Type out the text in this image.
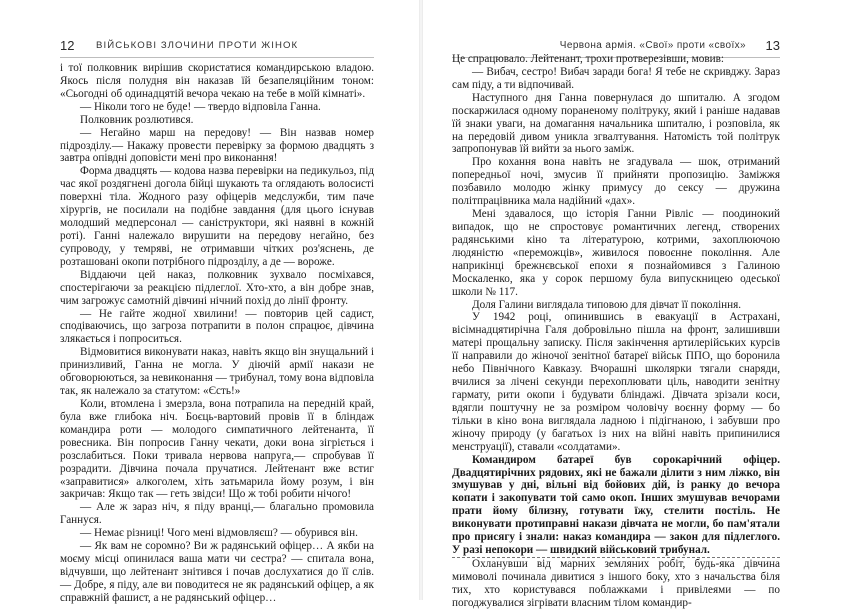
12 ВІЙСЬКОВІ ЗЛОЧИНИ ПРОТИ ЖІНОК

і тої полковник вирішив скористатися командирською владою. Якось після полудня він наказав їй безапеляційним тоном: «Сьогодні об одинадцятій вечора чекаю на тебе в моїй кімнаті».

— Ніколи того не буде! — твердо відповіла Ганна.

Полковник розлютився.

— Негайно марш на передову! — Він назвав номер підрозділу.— Накажу провести перевірку за формою двадцять з завтра опівдні доповісти мені про виконання!

Форма двадцять — кодова назва перевірки на педикульоз, під час якої роздягнені догола бійці шукають та оглядають волосисті поверхні тіла. Жодного разу офіцерів медслужби, тим паче хірургів, не посилали на подібне завдання (для цього існував молодший медперсонал — саніструктори, які наявні в кожній роті). Ганні належало вирушити на передову негайно, без супроводу, у темряві, не отримавши чітких роз'яснень, де розташовані окопи потрібного підрозділу, а де — вороже.

Віддаючи цей наказ, полковник зухвало посміхався, спостерігаючи за реакцією підлеглої. Хто-хто, а він добре знав, чим загрожує самотній дівчині нічний похід до лінії фронту.

— Не гайте жодної хвилини! — повторив цей садист, сподіваючись, що загроза потрапити в полон спрацює, дівчина злякається і попроситься.

Відмовитися виконувати наказ, навіть якщо він знущальний і принизливий, Ганна не могла. У діючій армії накази не обговорюються, за невиконання — трибунал, тому вона відповіла так, як належало за статутом: «Єсть!»

Коли, втомлена і змерзла, вона потрапила на передній край, була вже глибока ніч. Боєць-вартовий провів її в бліндаж командира роти — молодого симпатичного лейтенанта, її ровесника. Він попросив Ганну чекати, доки вона зігріється і розслабиться. Поки тривала нервова напруга,— спробував її розрадити. Дівчина почала пручатися. Лейтенант вже встиг «заправитися» алкоголем, хіть затьмарила йому розум, і він закричав: Якщо так — геть звідси! Що ж тобі робити нічого!

— Але ж зараз ніч, я піду вранці,— благально промовила Ганнуся.

— Немає різниці! Чого мені відмовляєш? — обурився він.

— Як вам не соромно? Ви ж радянський офіцер… А якби на моєму місці опинилася ваша мати чи сестра? — спитала вона, відчувши, що лейтенант знітився і почав дослухатися до її слів.— Добре, я піду, але ви поводитеся не як радянський офіцер, а як справжній фашист, а не радянський офіцер…

Червона армія. «Свої» проти «своїх» 13

Це спрацювало. Лейтенант, трохи протверезівши, мовив:

— Вибач, сестро! Вибач заради бога! Я тебе не скривджу. Зараз сам піду, а ти відпочивай.

Наступного дня Ганна повернулася до шпиталю. А згодом поскаржилася одному пораненому політруку, який і раніше надавав їй знаки уваги, на домагання начальника шпиталю, і розповіла, як на передовій дивом уникла згвалтування. Натомість той політрук запропонував їй вийти за нього заміж.

Про кохання вона навіть не згадувала — шок, отриманий попередньої ночі, змусив її прийняти пропозицію. Заміжжя позбавило молодю жінку примусу до сексу — дружина політпрацівника мала надійний «дах».

Мені здавалося, що історія Ганни Рівліс — поодинокий випадок, що не спростовує романтичних легенд, створених радянськими кіно та літературою, котрими, захоплюючою людяністю «переможців», живилося повоєнне покоління. Але наприкінці брежнєвської епохи я познайомився з Галиною Москаленко, яка у сорок першому була випускницею одеської школи № 117.

Доля Галини виглядала типовою для дівчат її покоління.

У 1942 році, опинившись в евакуації в Астрахані, вісімнадцятирічна Галя добровільно пішла на фронт, залишивши матері прощальну записку. Після закінчення артилерійських курсів її направили до жіночої зенітної батареї військ ППО, що боронила небо Північного Кавказу. Вчорашні школярки тягали снаряди, вчилися за лічені секунди перехоплювати ціль, наводити зенітну гармату, рити окопи і будувати бліндажі. Дівчата зрізали коси, вдягли поштучну не за розміром чоловічу воєнну форму — бо тільки в кіно вона виглядала ладною і підігнаною, і забувши про жіночу природу (у багатьох із них на війні навіть припинилися менструації), ставали «солдатами».

Командиром батареї був сорокарічний офіцер. Двадцятирічних рядових, які не бажали ділити з ним ліжко, він змушував у дні, вільні від бойових дій, із ранку до вечора копати і закопувати той само окоп. Інших змушував вечорами прати йому білизну, готувати їжу, стелити постіль. Не виконувати протиправні накази дівчата не могли, бо пам'ятали про присягу і знали: наказ командира — закон для підлеглого. У разі непокори — швидкий військовий трибунал.

Охланувши від марних земляних робіт, будь-яка дівчина мимоволі починала дивитися з іншого боку, хто з начальства біля тих, хто користувався поблажками і привілеями — по погоджувалися зігрівати власним тілом командир-
